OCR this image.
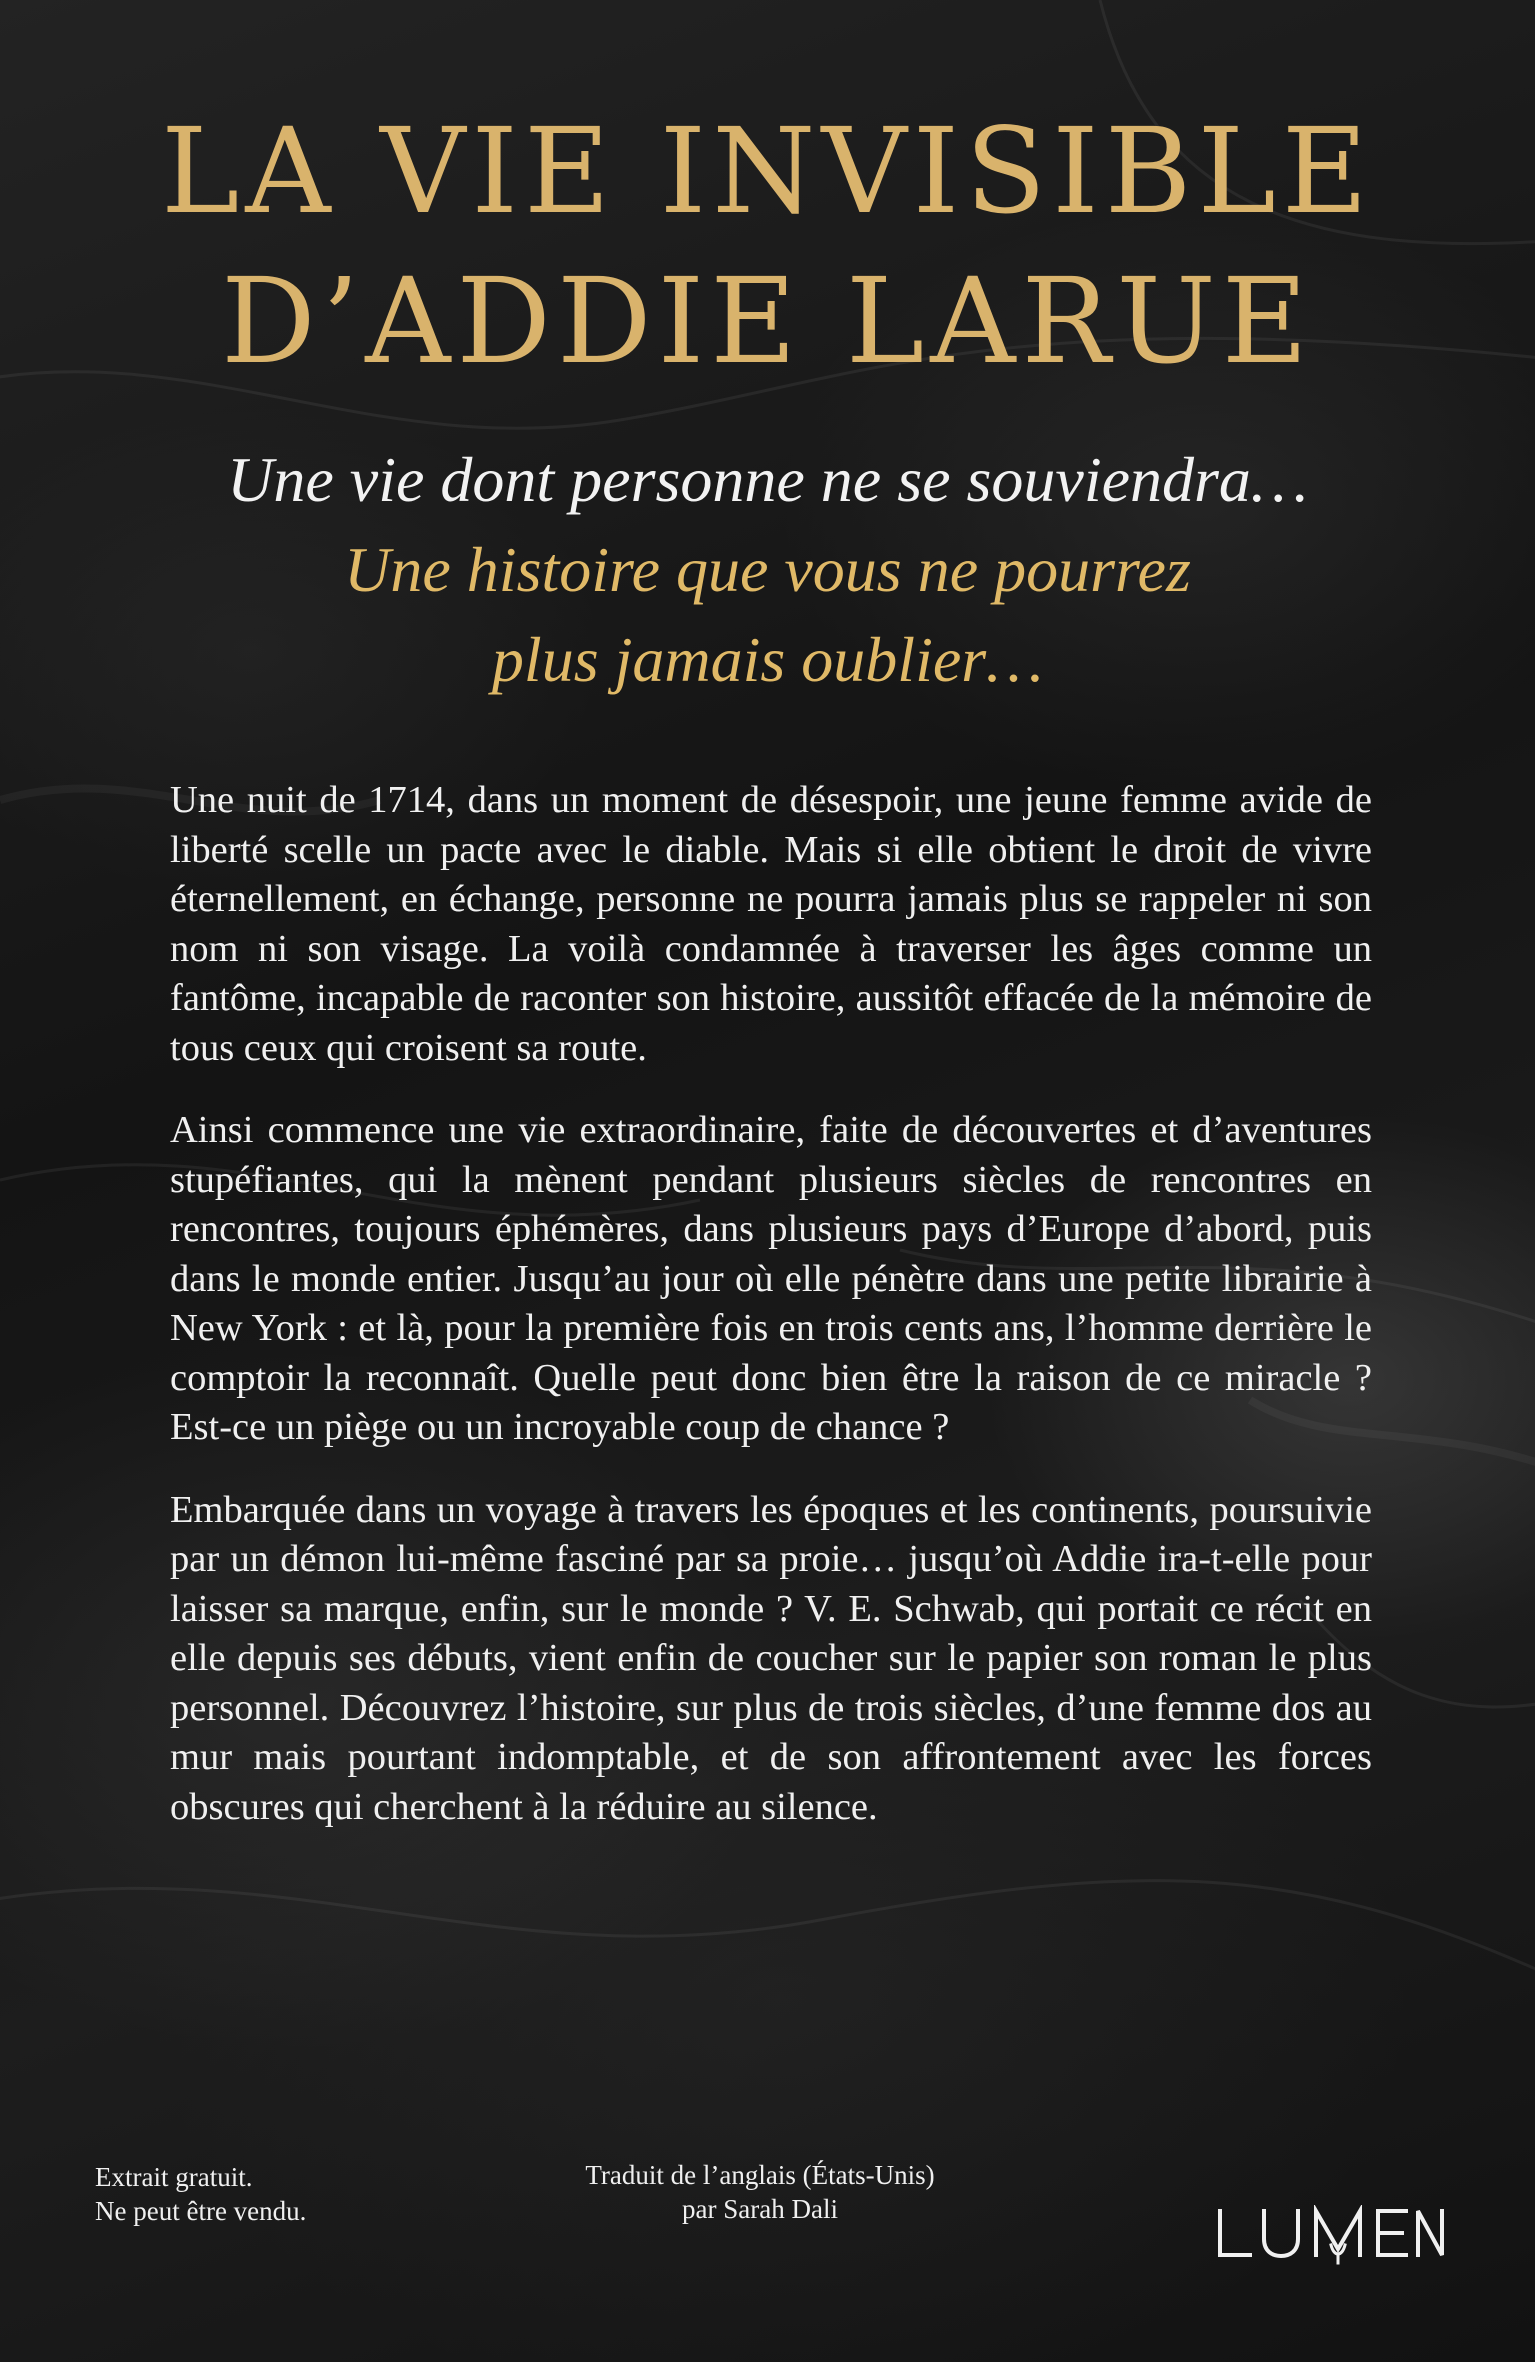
LA VIE INVISIBLE
D’ADDIE LARUE
Une vie dont personne ne se souviendra…
Une histoire que vous ne pourrez
plus jamais oublier…

Une nuit de 1714, dans un moment de désespoir, une jeune femme avide de liberté scelle un pacte avec le diable. Mais si elle obtient le droit de vivre éternellement, en échange, personne ne pourra jamais plus se rappeler ni son nom ni son visage. La voilà condamnée à traverser les âges comme un fantôme, incapable de raconter son histoire, aussitôt effacée de la mémoire de tous ceux qui croisent sa route.

Ainsi commence une vie extraordinaire, faite de découvertes et d’aventures stupéfiantes, qui la mènent pendant plusieurs siècles de rencontres en rencontres, toujours éphémères, dans plusieurs pays d’Europe d’abord, puis dans le monde entier. Jusqu’au jour où elle pénètre dans une petite librairie à New York : et là, pour la première fois en trois cents ans, l’homme derrière le comptoir la reconnaît. Quelle peut donc bien être la raison de ce miracle ? Est-ce un piège ou un incroyable coup de chance ?

Embarquée dans un voyage à travers les époques et les continents, poursuivie par un démon lui-même fasciné par sa proie… jusqu’où Addie ira-t-elle pour laisser sa marque, enfin, sur le monde ? V. E. Schwab, qui portait ce récit en elle depuis ses débuts, vient enfin de coucher sur le papier son roman le plus personnel. Découvrez l’histoire, sur plus de trois siècles, d’une femme dos au mur mais pourtant indomptable, et de son affrontement avec les forces obscures qui cherchent à la réduire au silence.

Extrait gratuit.
Ne peut être vendu.
Traduit de l’anglais (États-Unis)
par Sarah Dali
